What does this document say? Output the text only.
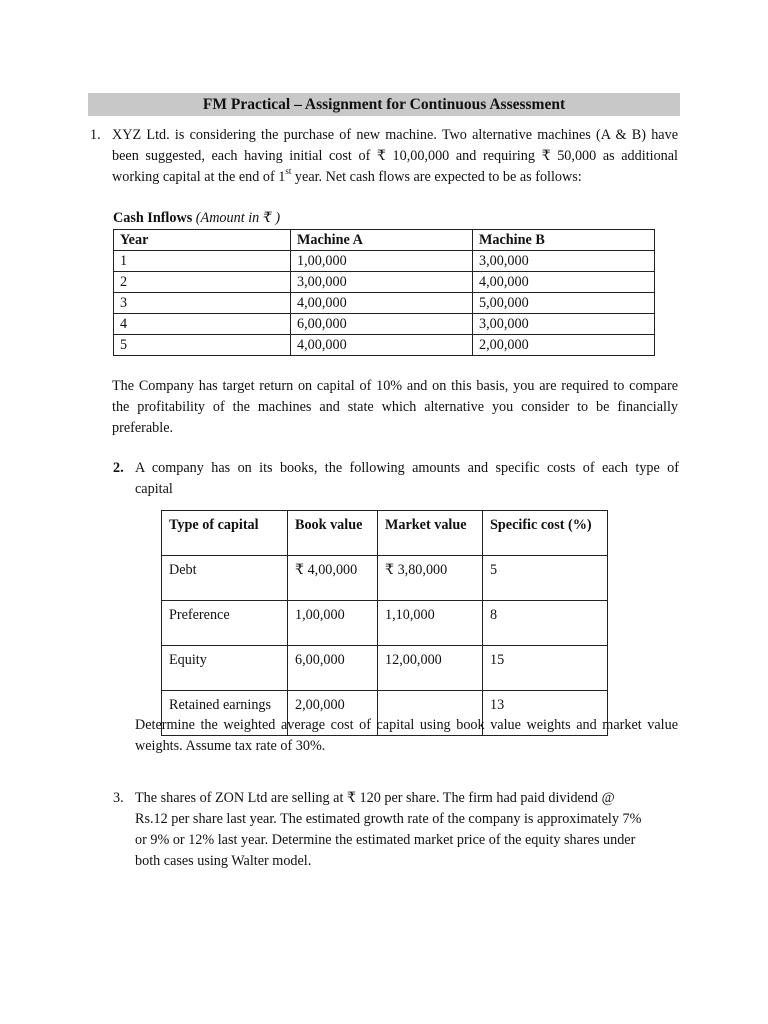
FM Practical – Assignment for Continuous Assessment
1. XYZ Ltd. is considering the purchase of new machine. Two alternative machines (A & B) have
been suggested, each having initial cost of ₹ 10,00,000 and requiring ₹ 50,000 as additional
working capital at the end of 1st year. Net cash flows are expected to be as follows:
Cash Inflows (Amount in ₹ )
Year	Machine A	Machine B
1	1,00,000	3,00,000
2	3,00,000	4,00,000
3	4,00,000	5,00,000
4	6,00,000	3,00,000
5	4,00,000	2,00,000
The Company has target return on capital of 10% and on this basis, you are required to compare
the profitability of the machines and state which alternative you consider to be financially
preferable.
2. A company has on its books, the following amounts and specific costs of each type of
capital
Type of capital	Book value	Market value	Specific cost (%)
Debt	₹ 4,00,000	₹ 3,80,000	5
Preference	1,00,000	1,10,000	8
Equity	6,00,000	12,00,000	15
Retained earnings	2,00,000		13
Determine the weighted average cost of capital using book value weights and market value
weights. Assume tax rate of 30%.
3. The shares of ZON Ltd are selling at ₹ 120 per share. The firm had paid dividend @
Rs.12 per share last year. The estimated growth rate of the company is approximately 7%
or 9% or 12% last year. Determine the estimated market price of the equity shares under
both cases using Walter model.
